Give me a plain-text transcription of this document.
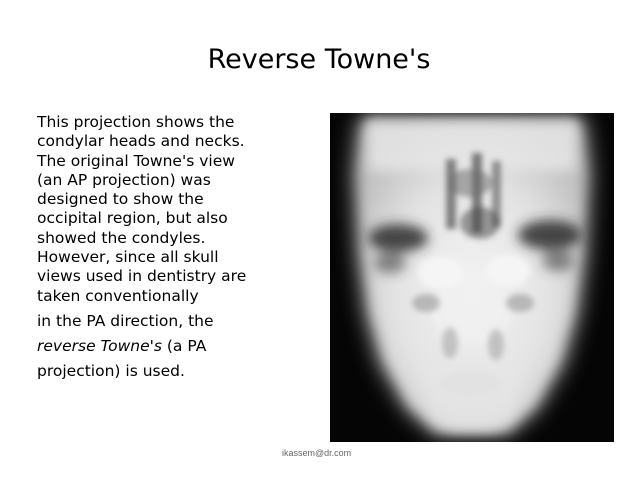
Reverse Towne's
This projection shows the
condylar heads and necks.
The original Towne's view
(an AP projection) was
designed to show the
occipital region, but also
showed the condyles.
However, since all skull
views used in dentistry are
taken conventionally
in the PA direction, the
reverse Towne's (a PA
projection) is used.
ikassem@dr.com
